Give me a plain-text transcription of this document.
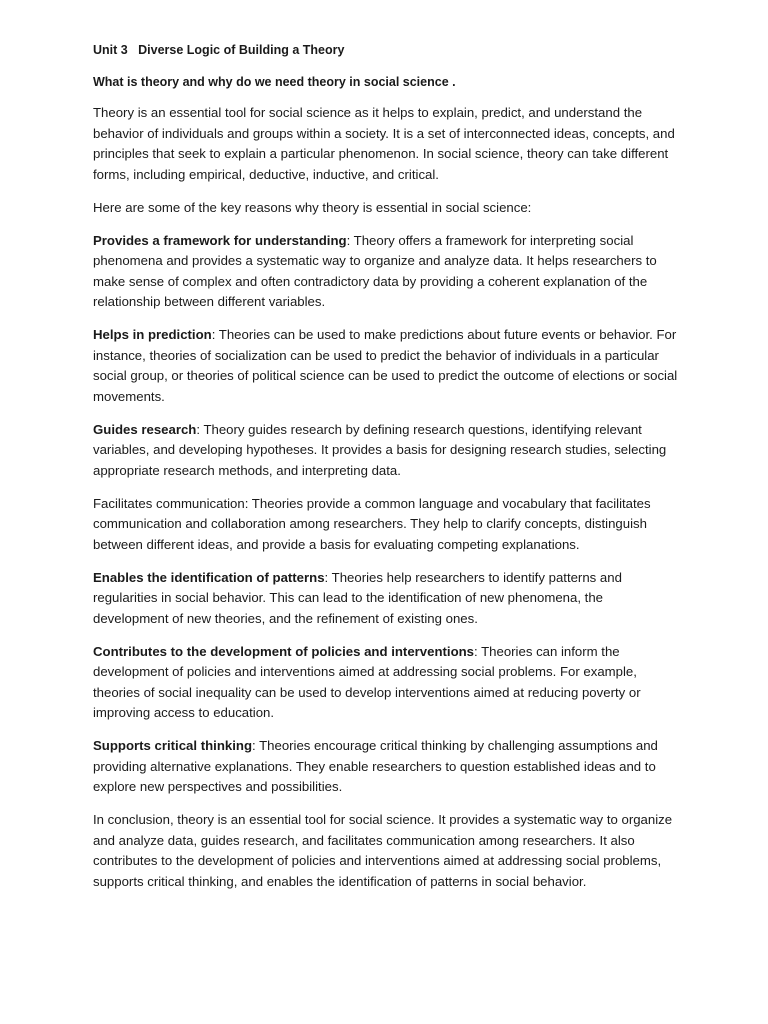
Unit 3   Diverse Logic of Building a Theory
What is theory and why do we need theory in social science .

Theory is an essential tool for social science as it helps to explain, predict, and understand the behavior of individuals and groups within a society. It is a set of interconnected ideas, concepts, and principles that seek to explain a particular phenomenon. In social science, theory can take different forms, including empirical, deductive, inductive, and critical.

Here are some of the key reasons why theory is essential in social science:

Provides a framework for understanding: Theory offers a framework for interpreting social phenomena and provides a systematic way to organize and analyze data. It helps researchers to make sense of complex and often contradictory data by providing a coherent explanation of the relationship between different variables.

Helps in prediction: Theories can be used to make predictions about future events or behavior. For instance, theories of socialization can be used to predict the behavior of individuals in a particular social group, or theories of political science can be used to predict the outcome of elections or social movements.

Guides research: Theory guides research by defining research questions, identifying relevant variables, and developing hypotheses. It provides a basis for designing research studies, selecting appropriate research methods, and interpreting data.

Facilitates communication: Theories provide a common language and vocabulary that facilitates communication and collaboration among researchers. They help to clarify concepts, distinguish between different ideas, and provide a basis for evaluating competing explanations.

Enables the identification of patterns: Theories help researchers to identify patterns and regularities in social behavior. This can lead to the identification of new phenomena, the development of new theories, and the refinement of existing ones.

Contributes to the development of policies and interventions: Theories can inform the development of policies and interventions aimed at addressing social problems. For example, theories of social inequality can be used to develop interventions aimed at reducing poverty or improving access to education.

Supports critical thinking: Theories encourage critical thinking by challenging assumptions and providing alternative explanations. They enable researchers to question established ideas and to explore new perspectives and possibilities.

In conclusion, theory is an essential tool for social science. It provides a systematic way to organize and analyze data, guides research, and facilitates communication among researchers. It also contributes to the development of policies and interventions aimed at addressing social problems, supports critical thinking, and enables the identification of patterns in social behavior.
